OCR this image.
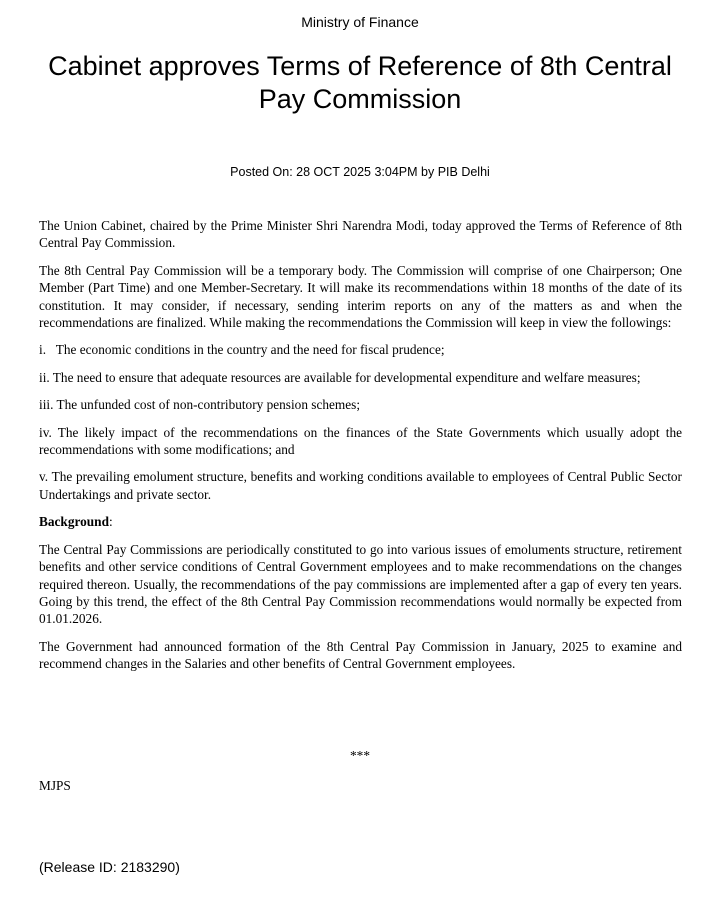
Ministry of Finance
Cabinet approves Terms of Reference of 8th Central Pay Commission
Posted On: 28 OCT 2025 3:04PM by PIB Delhi

The Union Cabinet, chaired by the Prime Minister Shri Narendra Modi, today approved the Terms of Reference of 8th Central Pay Commission.

The 8th Central Pay Commission will be a temporary body. The Commission will comprise of one Chairperson; One Member (Part Time) and one Member-Secretary. It will make its recommendations within 18 months of the date of its constitution. It may consider, if necessary, sending interim reports on any of the matters as and when the recommendations are finalized. While making the recommendations the Commission will keep in view the followings:

i.   The economic conditions in the country and the need for fiscal prudence;

ii. The need to ensure that adequate resources are available for developmental expenditure and welfare measures;

iii. The unfunded cost of non-contributory pension schemes;

iv. The likely impact of the recommendations on the finances of the State Governments which usually adopt the recommendations with some modifications; and

v. The prevailing emolument structure, benefits and working conditions available to employees of Central Public Sector Undertakings and private sector.

Background:

The Central Pay Commissions are periodically constituted to go into various issues of emoluments structure, retirement benefits and other service conditions of Central Government employees and to make recommendations on the changes required thereon. Usually, the recommendations of the pay commissions are implemented after a gap of every ten years. Going by this trend, the effect of the 8th Central Pay Commission recommendations would normally be expected from 01.01.2026.

The Government had announced formation of the 8th Central Pay Commission in January, 2025 to examine and recommend changes in the Salaries and other benefits of Central Government employees.

***
MJPS
(Release ID: 2183290)
